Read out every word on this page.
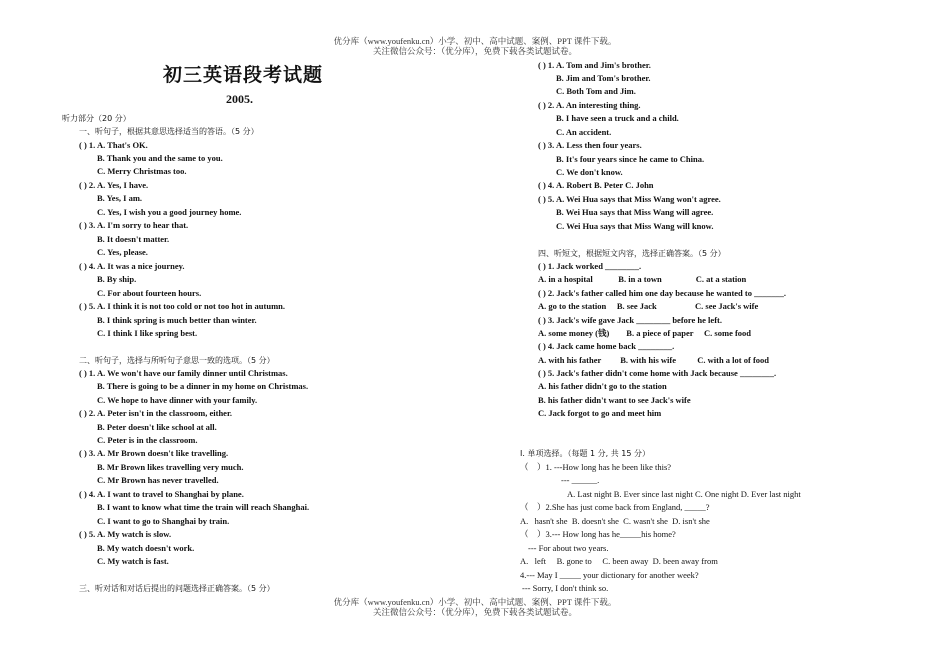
优分库（www.youfenku.cn）小学、初中、高中试题、案例、PPT 课件下载。
关注微信公众号：（优分库），免费下载各类试题试卷。
初三英语段考试题
2005.
听力部分（20 分）
一、听句子，根据其意思选择适当的答语。（5 分）
( ) 1. A. That's OK.
B. Thank you and the same to you.
C. Merry Christmas too.
( ) 2. A. Yes, I have.
B. Yes, I am.
C. Yes, I wish you a good journey home.
( ) 3. A. I'm sorry to hear that.
B. It doesn't matter.
C. Yes, please.
( ) 4. A. It was a nice journey.
B. By ship.
C. For about fourteen hours.
( ) 5. A. I think it is not too cold or not too hot in autumn.
B. I think spring is much better than winter.
C. I think I like spring best.
二、听句子，选择与所听句子意思一致的选项。（5 分）
( ) 1. A. We won't have our family dinner until Christmas.
B. There is going to be a dinner in my home on Christmas.
C. We hope to have dinner with your family.
( ) 2. A. Peter isn't in the classroom, either.
B. Peter doesn't like school at all.
C. Peter is in the classroom.
( ) 3. A. Mr Brown doesn't like travelling.
B. Mr Brown likes travelling very much.
C. Mr Brown has never travelled.
( ) 4. A. I want to travel to Shanghai by plane.
B. I want to know what time the train will reach Shanghai.
C. I want to go to Shanghai by train.
( ) 5. A. My watch is slow.
B. My watch doesn't work.
C. My watch is fast.
三、听对话和对话后提出的问题选择正确答案。（5 分）
( ) 1. A. Tom and Jim's brother.
B. Jim and Tom's brother.
C. Both Tom and Jim.
( ) 2. A. An interesting thing.
B. I have seen a truck and a child.
C. An accident.
( ) 3. A. Less then four years.
B. It's four years since he came to China.
C. We don't know.
( ) 4. A. Robert B. Peter C. John
( ) 5. A. Wei Hua says that Miss Wang won't agree.
B. Wei Hua says that Miss Wang will agree.
C. Wei Hua says that Miss Wang will know.
四、听短文，根据短文内容，选择正确答案。（5 分）
( ) 1. Jack worked ________.
A. in a hospital            B. in a town                C. at a station
( ) 2. Jack's father called him one day because he wanted to _______.
A. go to the station     B. see Jack                  C. see Jack's wife
( ) 3. Jack's wife gave Jack ________ before he left.
A. some money (钱)        B. a piece of paper     C. some food
( ) 4. Jack came home back ________.
A. with his father         B. with his wife          C. with a lot of food
( ) 5. Jack's father didn't come home with Jack because ________.
A. his father didn't go to the station
B. his father didn't want to see Jack's wife
C. Jack forgot to go and meet him
I. 单项选择。（每题 1 分, 共 15 分）
（    ）1. ---How long has he been like this?
--- ______.
A. Last night B. Ever since last night C. One night D. Ever last night
（    ）2.She has just come back from England, _____?
A.   hasn't she  B. doesn't she  C. wasn't she  D. isn't she
（    ）3.--- How long has he_____his home?
--- For about two years.
A.   left     B. gone to     C. been away  D. been away from
4.--- May I _____ your dictionary for another week?
--- Sorry, I don't think so.
优分库（www.youfenku.cn）小学、初中、高中试题、案例、PPT 课件下载。
关注微信公众号：（优分库），免费下载各类试题试卷。
